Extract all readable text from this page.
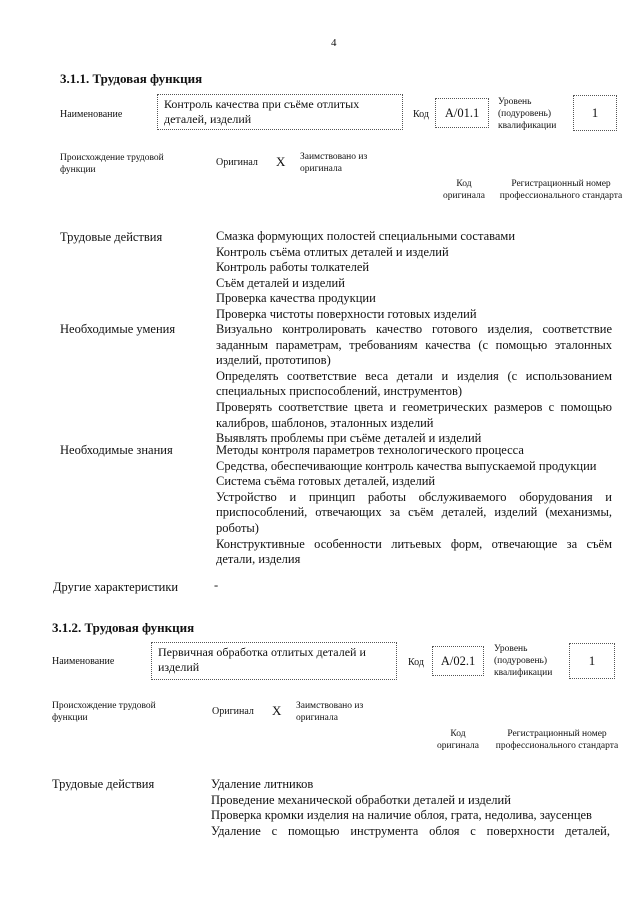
4
3.1.1. Трудовая функция
Наименование
Контроль качества при съёме отлитых деталей, изделий	Код	A/01.1
Уровень (подуровень) квалификации
1
Происхождение трудовой функции
Оригинал X Заимствовано из оригинала
Код оригинала
Регистрационный номер профессионального стандарта
Трудовые действия	Смазка формующих полостей специальными составами
Контроль съёма отлитых деталей и изделий
Контроль работы толкателей
Съём деталей и изделий
Проверка качества продукции
Проверка чистоты поверхности готовых изделий
Необходимые умения	Визуально контролировать качество готового изделия, соответствие заданным параметрам, требованиям качества (с помощью эталонных изделий, прототипов)
Определять соответствие веса детали и изделия (с использованием специальных приспособлений, инструментов)
Проверять соответствие цвета и геометрических размеров с помощью калибров, шаблонов, эталонных изделий
Выявлять проблемы при съёме деталей и изделий
Необходимые знания	Методы контроля параметров технологического процесса
Средства, обеспечивающие контроль качества выпускаемой продукции
Система съёма готовых деталей, изделий
Устройство и принцип работы обслуживаемого оборудования и приспособлений, отвечающих за съём деталей, изделий (механизмы, роботы)
Конструктивные особенности литьевых форм, отвечающие за съём детали, изделия
Другие характеристики	-
3.1.2. Трудовая функция
Наименование
Первичная обработка отлитых деталей и изделий	Код	A/02.1
Уровень (подуровень) квалификации
1
Происхождение трудовой функции
Оригинал X Заимствовано из оригинала
Код оригинала
Регистрационный номер профессионального стандарта
Трудовые действия	Удаление литников
Проведение механической обработки деталей и изделий
Проверка кромки изделия на наличие облоя, грата, недолива, заусенцев
Удаление с помощью инструмента облоя с поверхности деталей,
